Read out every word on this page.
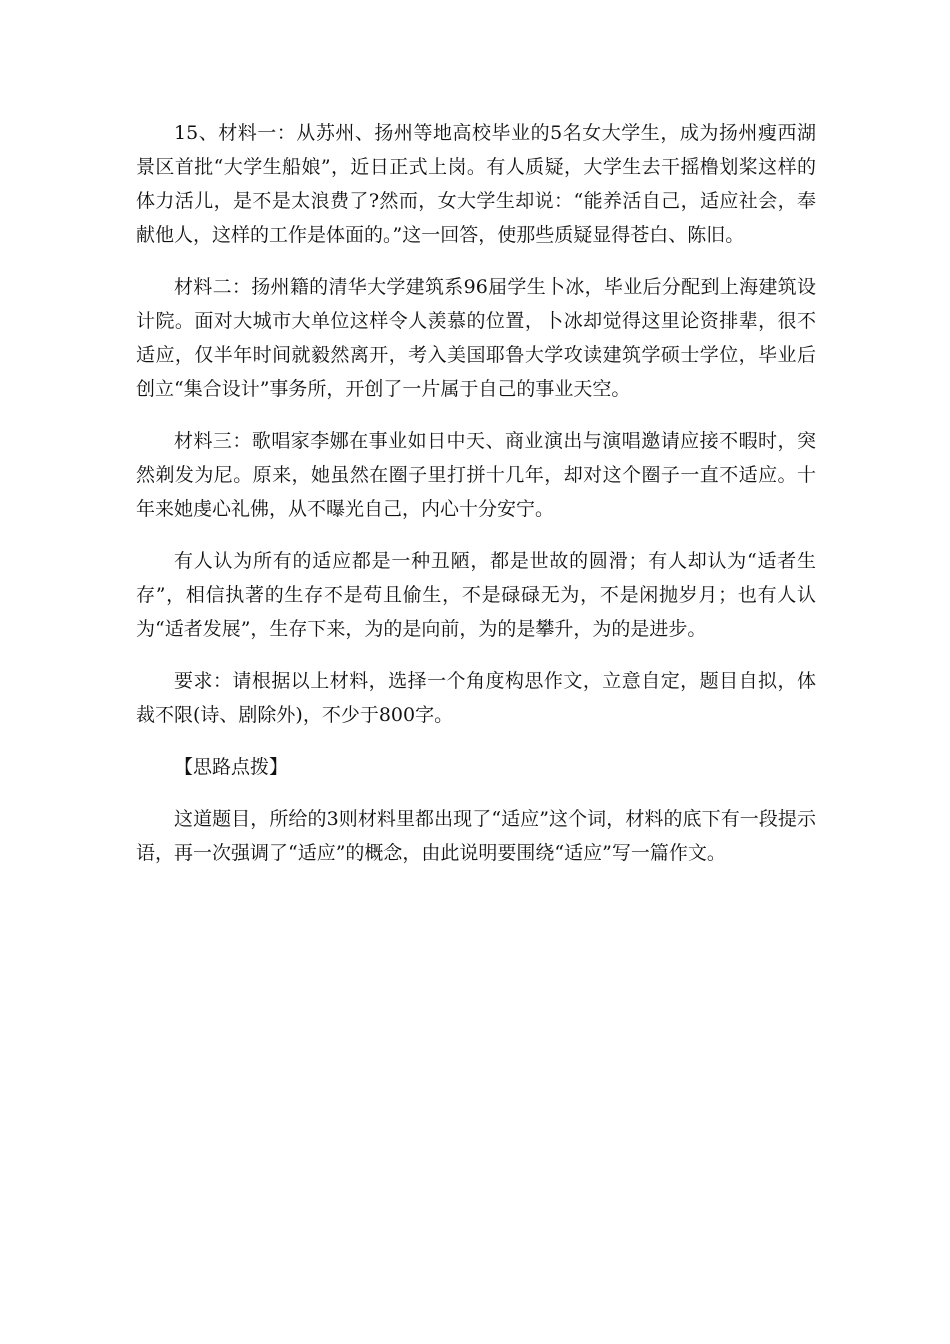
15、材料一：从苏州、扬州等地高校毕业的5名女大学生，成为扬州瘦西湖景区首批“大学生船娘”，近日正式上岗。有人质疑，大学生去干摇橹划桨这样的体力活儿，是不是太浪费了?然而，女大学生却说：“能养活自己，适应社会，奉献他人，这样的工作是体面的。”这一回答，使那些质疑显得苍白、陈旧。

材料二：扬州籍的清华大学建筑系96届学生卜冰，毕业后分配到上海建筑设计院。面对大城市大单位这样令人羡慕的位置，卜冰却觉得这里论资排辈，很不适应，仅半年时间就毅然离开，考入美国耶鲁大学攻读建筑学硕士学位，毕业后创立“集合设计”事务所，开创了一片属于自己的事业天空。

材料三：歌唱家李娜在事业如日中天、商业演出与演唱邀请应接不暇时，突然剃发为尼。原来，她虽然在圈子里打拼十几年，却对这个圈子一直不适应。十年来她虔心礼佛，从不曝光自己，内心十分安宁。

有人认为所有的适应都是一种丑陋，都是世故的圆滑；有人却认为“适者生存”，相信执著的生存不是苟且偷生，不是碌碌无为，不是闲抛岁月；也有人认为“适者发展”，生存下来，为的是向前，为的是攀升，为的是进步。

要求：请根据以上材料，选择一个角度构思作文，立意自定，题目自拟，体裁不限(诗、剧除外)，不少于800字。

【思路点拨】

这道题目，所给的3则材料里都出现了“适应”这个词，材料的底下有一段提示语，再一次强调了“适应”的概念，由此说明要围绕“适应”写一篇作文。
